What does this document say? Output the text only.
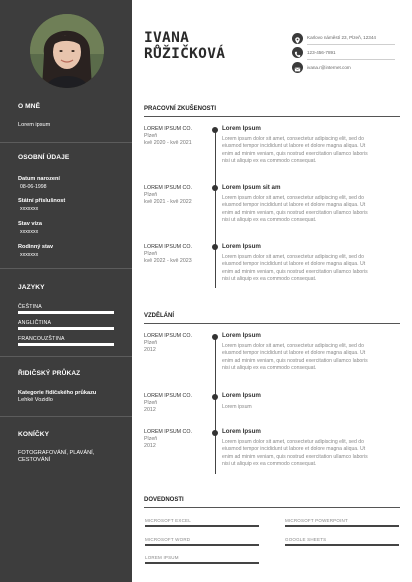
O MNĚ
Lorem ipsum
OSOBNÍ ÚDAJE
Datum narození
08-06-1998
Státní příslušnost
xxxxxxx
Stav víza
xxxxxxx
Rodinný stav
xxxxxxx
JAZYKY
ČEŠTINA
ANGLIČTINA
FRANCOUZŠTINA
ŘIDIČSKÝ PRŮKAZ
Kategorie řidičského průkazu
Lehké Vozidlo
KONÍČKY
FOTOGRAFOVÁNÍ, PLAVÁNÍ,
CESTOVÁNÍ
IVANA
RŮŽIČKOVÁ
Karlovo náměstí 23, Plzeň, 12344
123-456-7891
ivana.r@internet.com
PRACOVNÍ ZKUŠENOSTI
LOREM IPSUM CO.
Plzeň
kvě 2020 - kvě 2021
Lorem Ipsum
Lorem ipsum dolor sit amet, consectetur adipiscing elit, sed do
eiusmod tempor incididunt ut labore et dolore magna aliqua. Ut
enim ad minim veniam, quis nostrud exercitation ullamco laboris
nisi ut aliquip ex ea commodo consequat.
LOREM IPSUM CO.
Plzeň
kvě 2021 - kvě 2022
Lorem Ipsum sit am
Lorem ipsum dolor sit amet, consectetur adipiscing elit, sed do
eiusmod tempor incididunt ut labore et dolore magna aliqua. Ut
enim ad minim veniam, quis nostrud exercitation ullamco laboris
nisi ut aliquip ex ea commodo consequat.
LOREM IPSUM CO.
Plzeň
kvě 2022 - kvě 2023
Lorem Ipsum
Lorem ipsum dolor sit amet, consectetur adipiscing elit, sed do
eiusmod tempor incididunt ut labore et dolore magna aliqua. Ut
enim ad minim veniam, quis nostrud exercitation ullamco laboris
nisi ut aliquip ex ea commodo consequat.
VZDĚLÁNÍ
LOREM IPSUM CO.
Plzeň
2012
Lorem Ipsum
Lorem ipsum dolor sit amet, consectetur adipiscing elit, sed do
eiusmod tempor incididunt ut labore et dolore magna aliqua. Ut
enim ad minim veniam, quis nostrud exercitation ullamco laboris
nisi ut aliquip ex ea commodo consequat.
LOREM IPSUM CO.
Plzeň
2012
Lorem Ipsum
Lorem ipsum
LOREM IPSUM CO.
Plzeň
2012
Lorem Ipsum
Lorem ipsum dolor sit amet, consectetur adipiscing elit, sed do
eiusmod tempor incididunt ut labore et dolore magna aliqua. Ut
enim ad minim veniam, quis nostrud exercitation ullamco laboris
nisi ut aliquip ex ea commodo consequat.
DOVEDNOSTI
MICROSOFT EXCEL	MICROSOFT POWERPOINT
MICROSOFT WORD	GOOGLE SHEETS
LOREM IPSUM
